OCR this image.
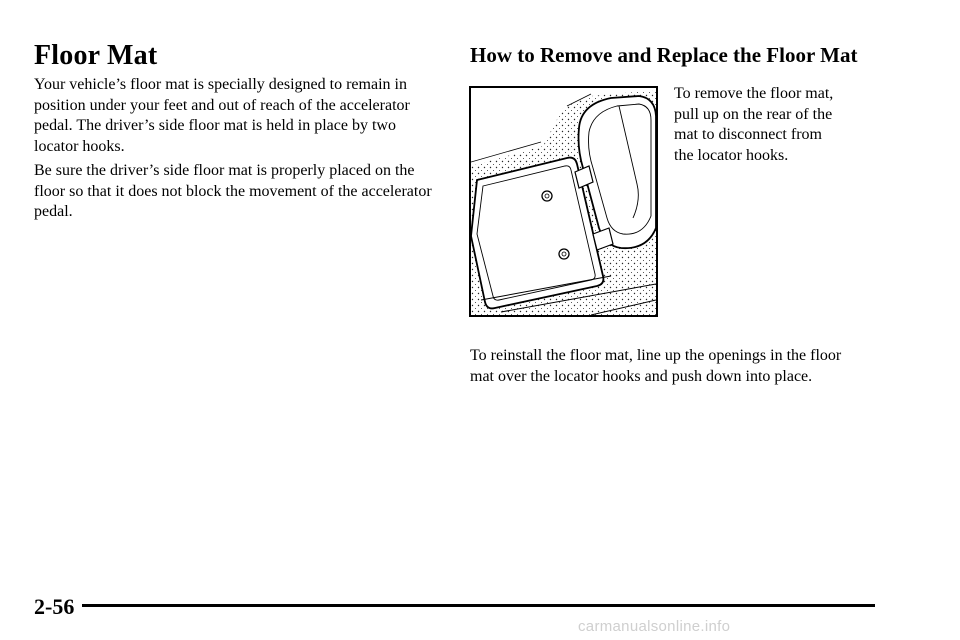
Floor Mat

Your vehicle’s floor mat is specially designed to remain in position under your feet and out of reach of the accelerator pedal. The driver’s side floor mat is held in place by two locator hooks.

Be sure the driver’s side floor mat is properly placed on the floor so that it does not block the movement of the accelerator pedal.

How to Remove and Replace the Floor Mat

To remove the floor mat, pull up on the rear of the mat to disconnect from the locator hooks.

To reinstall the floor mat, line up the openings in the floor mat over the locator hooks and push down into place.

2-56
carmanualsonline.info
